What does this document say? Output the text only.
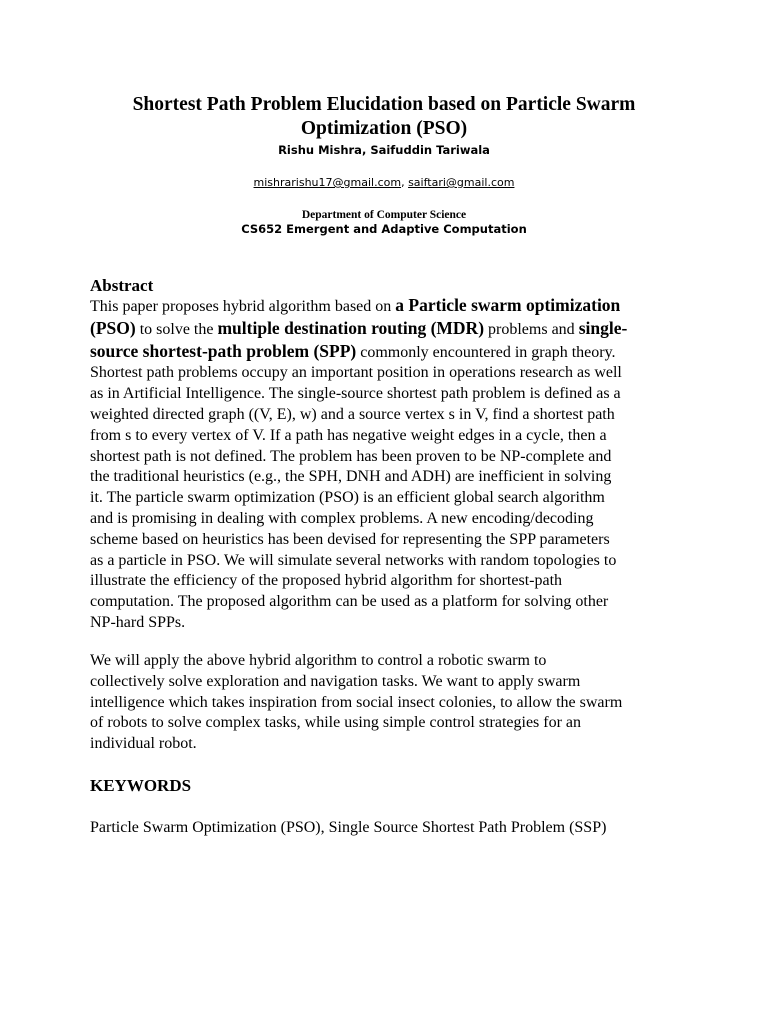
Shortest Path Problem Elucidation based on Particle Swarm
Optimization (PSO)
Rishu Mishra, Saifuddin Tariwala
mishrarishu17@gmail.com, saiftari@gmail.com
Department of Computer Science
CS652 Emergent and Adaptive Computation
Abstract
This paper proposes hybrid algorithm based on a Particle swarm optimization
(PSO) to solve the multiple destination routing (MDR) problems and single-
source shortest-path problem (SPP) commonly encountered in graph theory.
Shortest path problems occupy an important position in operations research as well
as in Artificial Intelligence. The single-source shortest path problem is defined as a
weighted directed graph ((V, E), w) and a source vertex s in V, find a shortest path
from s to every vertex of V. If a path has negative weight edges in a cycle, then a
shortest path is not defined. The problem has been proven to be NP-complete and
the traditional heuristics (e.g., the SPH, DNH and ADH) are inefficient in solving
it. The particle swarm optimization (PSO) is an efficient global search algorithm
and is promising in dealing with complex problems. A new encoding/decoding
scheme based on heuristics has been devised for representing the SPP parameters
as a particle in PSO. We will simulate several networks with random topologies to
illustrate the efficiency of the proposed hybrid algorithm for shortest-path
computation. The proposed algorithm can be used as a platform for solving other
NP-hard SPPs.
We will apply the above hybrid algorithm to control a robotic swarm to
collectively solve exploration and navigation tasks. We want to apply swarm
intelligence which takes inspiration from social insect colonies, to allow the swarm
of robots to solve complex tasks, while using simple control strategies for an
individual robot.
KEYWORDS
Particle Swarm Optimization (PSO), Single Source Shortest Path Problem (SSP)
